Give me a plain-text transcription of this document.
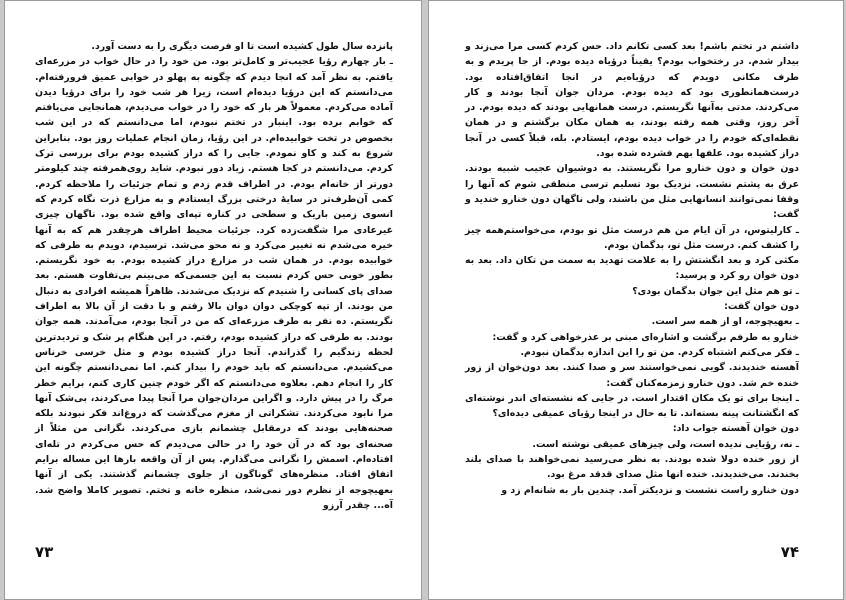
پانزده سال طول کشیده است تا او فرصت دیگری را به دست آورد.

ـ بار چهارم رؤیا عجیب‌تر و کامل‌تر بود. من خود را در حال خواب در مزرعه‌ای یافتم. به نظر آمد که انجا دیدم که چگونه به پهلو در خوابی عمیق فرورفته‌ام. می‌دانستم که این درؤیا دیده‌ام است، زیرا هر شب خود را برای درؤیا دیدن آماده می‌کردم. معمولاً هر بار که خود را در خواب می‌دیدم، همانجایی می‌یافتم که خوابم برده بود. اینبار در تختم نبودم، اما می‌دانستم که در این شب بخصوص در تخت خوابیده‌ام. در این رؤیا، زمان انجام عملیات روز بود. بنابراین شروع به کند و کاو نمودم. جایی را که دراز کشیده بودم برای بررسی ترک کردم. می‌دانستم در کجا هستم. زیاد دور نبودم. شاید روی‌همرفته چند کیلومتر دورتر از خانه‌ام بودم. در اطراف قدم زدم و تمام جزئیات را ملاحظه کردم. کمی آن‌طرف‌تر در سایهٔ درختی بزرگ ایستادم و به مزارع ذرت نگاه کردم که انسوی زمین باریک و سطحی در کناره تپه‌ای واقع شده بود. ناگهان چیزی غیرعادی مرا شگفت‌زده کرد. جزئیات محیط اطراف هرچقدر هم که به آنها خیره می‌شدم نه تغییر می‌کرد و نه محو می‌شد. ترسیدم، دویدم به طرفی که خوابیده بودم. در همان شب در مزارع دراز کشیده بودم. به خود نگریستم. بطور خوبی حس کردم نسبت به این جسمی‌که می‌بینم بی‌تفاوت هستم. بعد صدای پای کسانی را شنیدم که نزدیک می‌شدند. ظاهراً همیشه افرادی به دنبال من بودند. از تپه کوچکی دوان دوان بالا رفتم و با دقت از آن بالا به اطراف نگریستم. ده نفر به طرف مزرعه‌ای که من در آنجا بودم، می‌آمدند. همه جوان بودند. به طرفی که دراز کشیده بودم، رفتم. در این هنگام پر شک و تردیدترین لحظه زندگیم را گذراندم. آنجا دراز کشیده بودم و مثل خرسی خرناس می‌کشیدم. می‌دانستم که باید خودم را بیدار کنم. اما نمی‌دانستم چگونه این کار را انجام دهم. بعلاوه می‌دانستم که اگر خودم چنین کاری کنم، برایم خطر مرگ را در پیش دارد. و اگراین مردان‌جوان مرا آنجا پیدا می‌کردند، بی‌شک آنها مرا نابود می‌کردند. تشکراتی از مغزم می‌گذشت که دروغ‌اند فکر نبودند بلکه صحنه‌هایی بودند که درمقابل چشمانم بازی می‌کردند. نگرانی من مثلاً از صحنه‌ای بود که در آن خود را در حالی می‌دیدم که حس می‌کردم در تله‌ای افتاده‌ام. اسمش را نگرانی می‌گذارم. پس از آن واقعه بارها این مساله برایم اتفاق افتاد. منظره‌های گوناگون از جلوی چشمانم گذشتند. یکی از آنها بعهیچوجه از نظرم دور نمی‌شد، منظره خانه و تختم. تصویر کاملا واضح شد. آه... چقدر آرزو

۷۳

داشتم در تختم باشم! بعد کسی تکانم داد. حس کردم کسی مرا می‌زند و بیدار شدم. در رختخواب بودم؟ یقیناً درؤیاه دیده بودم. از جا پریدم و به طرف مکانی دویدم که درؤیاه‌یم در انجا اتفاق‌افتاده بود. درست‌همانطوری بود که دیده بودم. مردان جوان آنجا بودند و کار می‌کردند. مدتی به‌آنها نگریستم. درست همانهایی بودند که دیده بودم. در آخر روز، وقتی همه رفته بودند، به همان مکان برگشتم و در همان نقطه‌ای‌که خودم را در خواب دیده بودم، ایستادم. بله، قبلاً کسی در آنجا دراز کشیده بود. علفها بهم فشرده شده بود.

دون خوان و دون خنارو مرا نگریستند. به دوشیوان عجیب شبیه بودند. عرق به پشتم نشست. نزدیک بود تسلیم ترسی منطقی شوم که آنها را وقفا نمی‌توانند انسانهایی مثل من باشند، ولی ناگهان دون خنارو خندید و گفت:

ـ کارلیتوس، در آن ایام من هم درست مثل تو بودم، می‌خواستم‌همه چیز را کشف کنم. درست مثل تو، بدگمان بودم.

مکثی کرد و بعد انگشتش را به علامت تهدید به سمت من تکان داد. بعد به دون خوان رو کرد و پرسید:

ـ تو هم مثل این جوان بدگمان بودی؟

دون خوان گفت:

ـ بعهیچوجه، او از همه سر است.

خنارو به طرفم برگشت و اشاره‌ای مبنی بر عذرخواهی کرد و گفت:

ـ فکر می‌کنم اشتباه کردم. من تو را این اندازه بدگمان نبودم.

آهسته خندیدند. گویی نمی‌خواستند سر و صدا کنند. بعد دون‌خوان از زور خنده خم شد. دون خنارو زمزمه‌کنان گفت:

ـ اینجا برای تو یک مکان اقتدار است. در جایی که نشسته‌ای اندر نوشته‌ای که انگشتانت پینه بسته‌اند. تا به حال در اینجا رؤیای عمیقی دیده‌ای؟

دون خوان آهسته جواب داد:

ـ نه، رؤیایی ندیده است، ولی چیزهای عمیقی نوشته است.

از زور خنده دولا شده بودند. به نظر می‌رسید نمی‌خواهند با صدای بلند بخندند. می‌خندیدند. خنده انها مثل صدای قدقد مرغ بود.

دون خنارو راست نشست و نزدیکتر آمد. چندین بار به شانه‌ام زد و

۷۴
